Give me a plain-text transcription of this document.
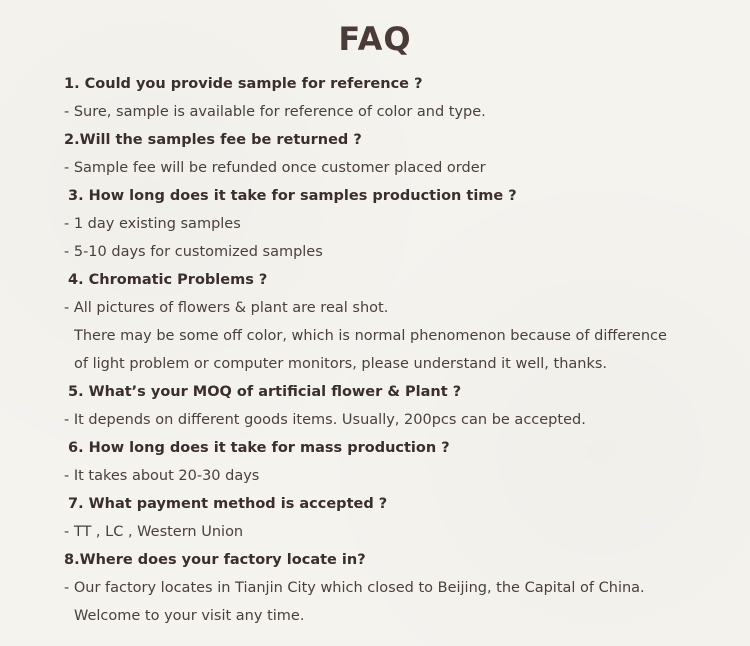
FAQ
1. Could you provide sample for reference ?
- Sure, sample is available for reference of color and type.
2.Will the samples fee be returned ?
- Sample fee will be refunded once customer placed order
3. How long does it take for samples production time ?
- 1 day existing samples
- 5-10 days for customized samples
4. Chromatic Problems ?
- All pictures of flowers & plant are real shot.
There may be some off color, which is normal phenomenon because of difference
of light problem or computer monitors, please understand it well, thanks.
5. What’s your MOQ of artificial flower & Plant ?
- It depends on different goods items. Usually, 200pcs can be accepted.
6. How long does it take for mass production ?
- It takes about 20-30 days
7. What payment method is accepted ?
- TT , LC , Western Union
8.Where does your factory locate in?
- Our factory locates in Tianjin City which closed to Beijing, the Capital of China.
Welcome to your visit any time.
